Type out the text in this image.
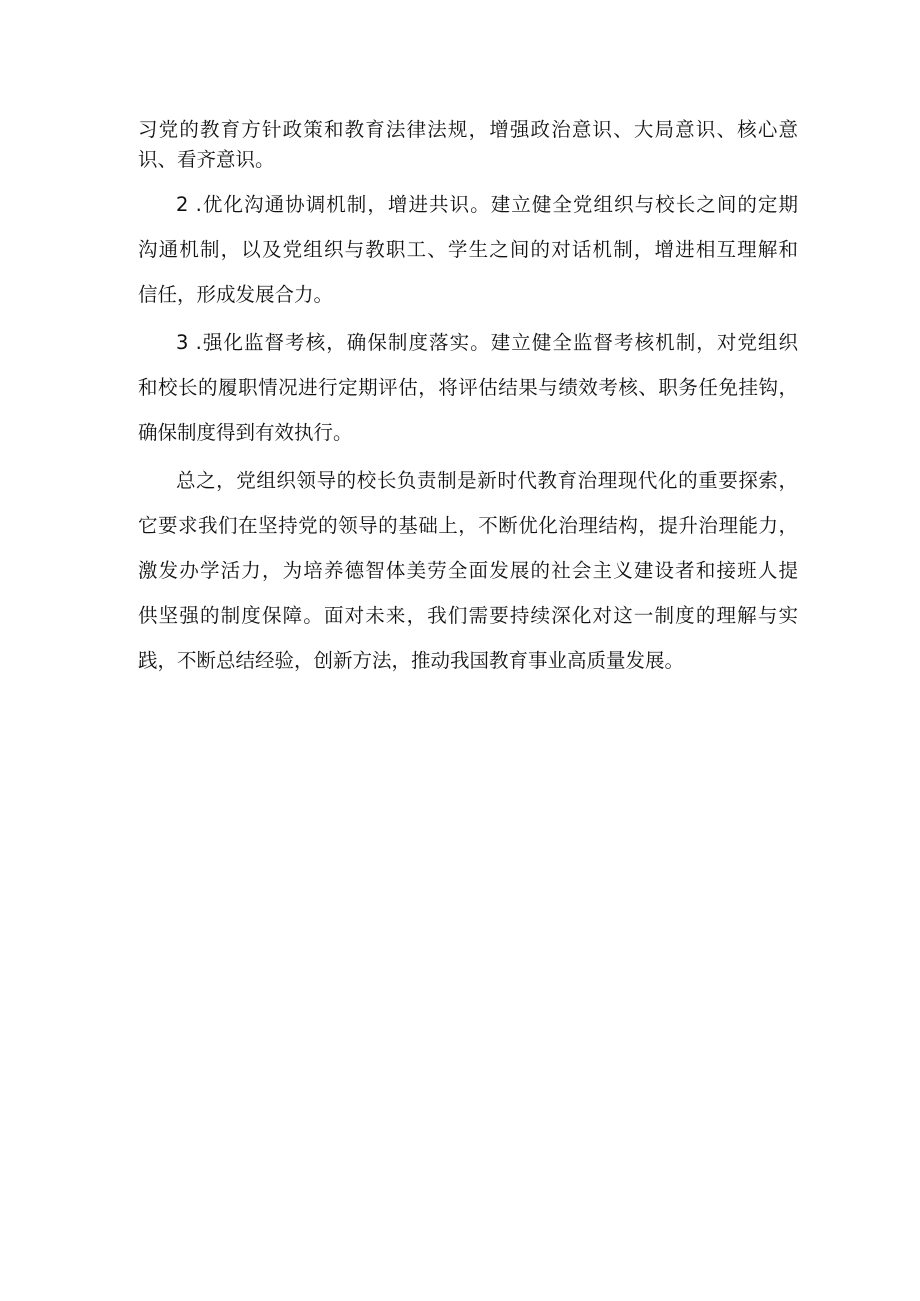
习党的教育方针政策和教育法律法规，增强政治意识、大局意识、核心意
识、看齐意识。
2 .优化沟通协调机制，增进共识。建立健全党组织与校长之间的定期
沟通机制，以及党组织与教职工、学生之间的对话机制，增进相互理解和
信任，形成发展合力。
3 .强化监督考核，确保制度落实。建立健全监督考核机制，对党组织
和校长的履职情况进行定期评估，将评估结果与绩效考核、职务任免挂钩，
确保制度得到有效执行。
总之，党组织领导的校长负责制是新时代教育治理现代化的重要探索，
它要求我们在坚持党的领导的基础上，不断优化治理结构，提升治理能力，
激发办学活力，为培养德智体美劳全面发展的社会主义建设者和接班人提
供坚强的制度保障。面对未来，我们需要持续深化对这一制度的理解与实
践，不断总结经验，创新方法，推动我国教育事业高质量发展。
